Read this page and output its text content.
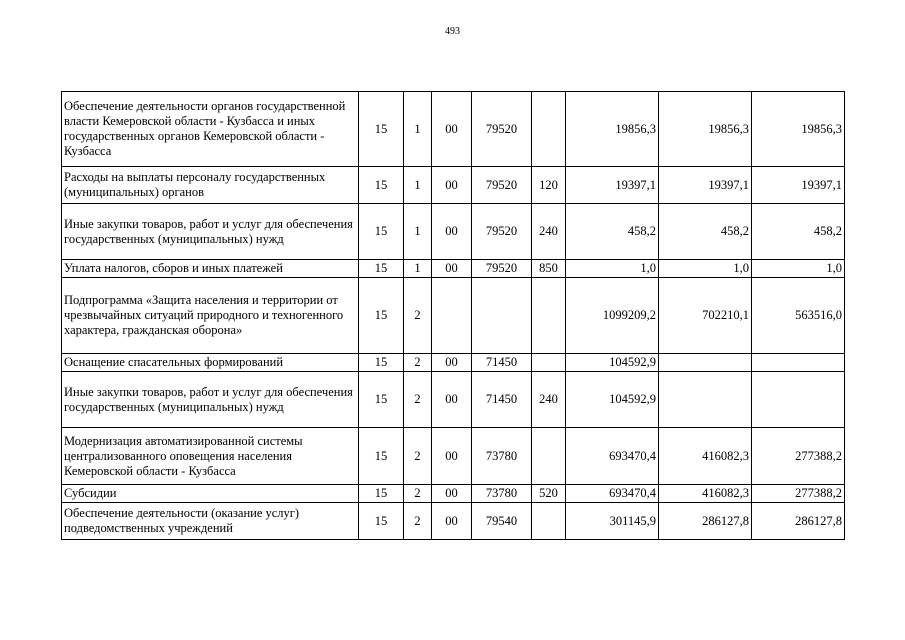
493
Обеспечение деятельности органов государственной власти Кемеровской области - Кузбасса и иных государственных органов Кемеровской области - Кузбасса	15	1	00	79520		19856,3	19856,3	19856,3
Расходы на выплаты персоналу государственных (муниципальных) органов	15	1	00	79520	120	19397,1	19397,1	19397,1
Иные закупки товаров, работ и услуг для обеспечения государственных (муниципальных) нужд	15	1	00	79520	240	458,2	458,2	458,2
Уплата налогов, сборов и иных платежей	15	1	00	79520	850	1,0	1,0	1,0
Подпрограмма «Защита населения и территории от чрезвычайных ситуаций природного и техногенного характера, гражданская оборона»	15	2				1099209,2	702210,1	563516,0
Оснащение спасательных формирований	15	2	00	71450		104592,9		
Иные закупки товаров, работ и услуг для обеспечения государственных (муниципальных) нужд	15	2	00	71450	240	104592,9		
Модернизация автоматизированной системы централизованного оповещения населения Кемеровской области - Кузбасса	15	2	00	73780		693470,4	416082,3	277388,2
Субсидии	15	2	00	73780	520	693470,4	416082,3	277388,2
Обеспечение деятельности (оказание услуг) подведомственных учреждений	15	2	00	79540		301145,9	286127,8	286127,8
